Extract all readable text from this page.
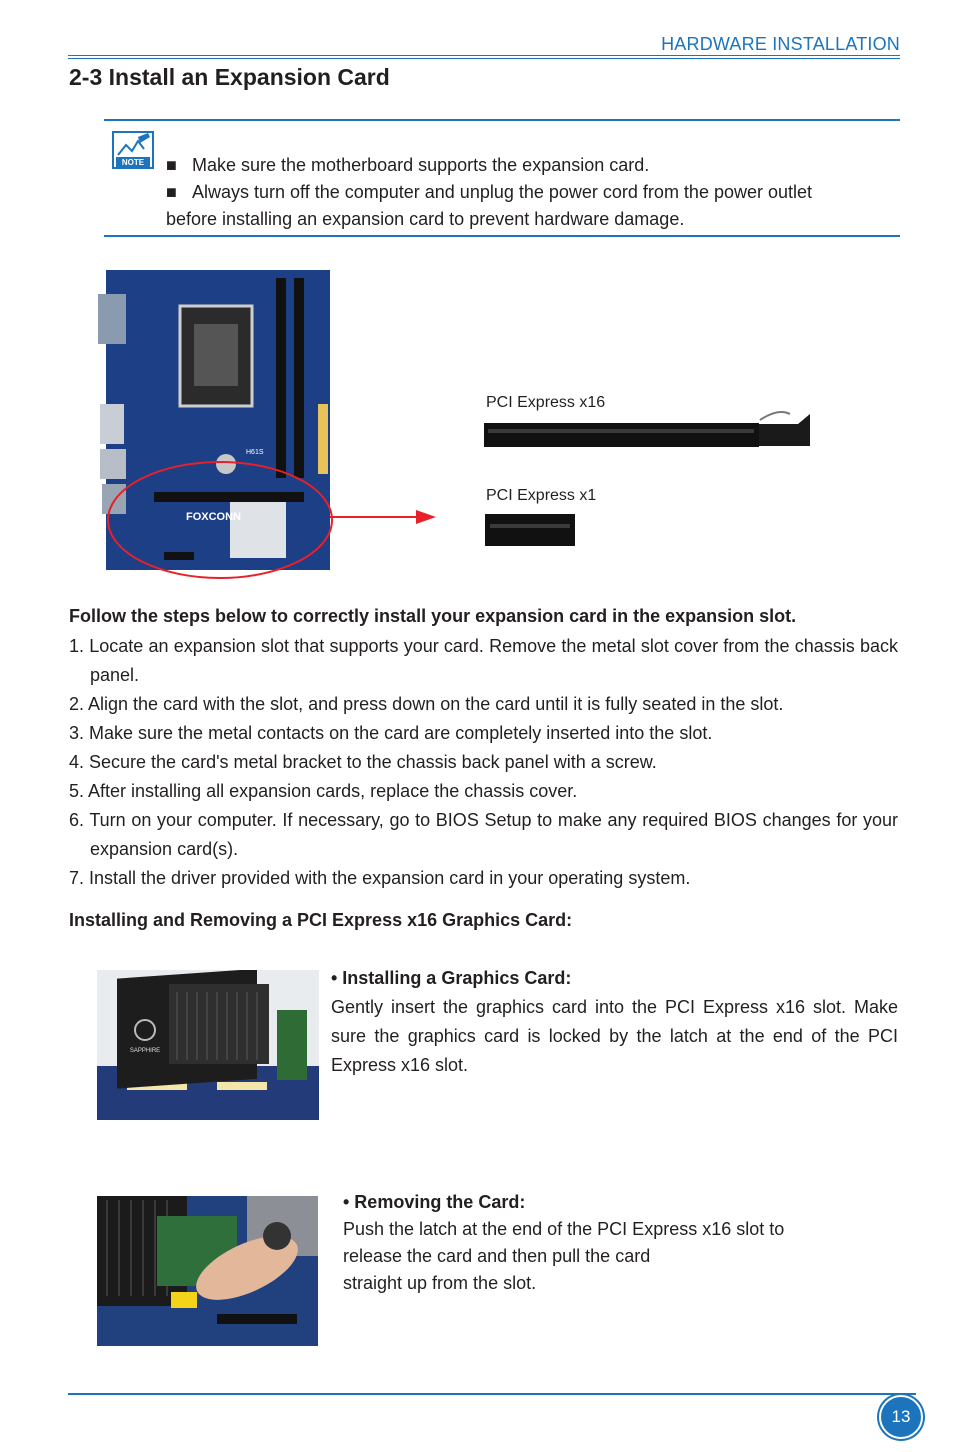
HARDWARE INSTALLATION
2-3 Install an Expansion Card
NOTE ■ Make sure the motherboard supports the expansion card.
■ Always turn off the computer and unplug the power cord from the power outlet
before installing an expansion card to prevent hardware damage.
FOXCONN
H61S
PCI Express x16
PCI Express x1
Follow the steps below to correctly install your expansion card in the expansion slot.
1. Locate an expansion slot that supports your card. Remove the metal slot cover from the chassis back panel.
2. Align the card with the slot, and press down on the card until it is fully seated in the slot.
3. Make sure the metal contacts on the card are completely inserted into the slot.
4. Secure the card's metal bracket to the chassis back panel with a screw.
5. After installing all expansion cards, replace the chassis cover.
6. Turn on your computer. If necessary, go to BIOS Setup to make any required BIOS changes for your expansion card(s).
7. Install the driver provided with the expansion card in your operating system.
Installing and Removing a PCI Express x16 Graphics Card:
SAPPHIRE
• Installing a Graphics Card:
Gently insert the graphics card into the PCI Express x16 slot. Make sure the graphics card is locked by the latch at the end of the PCI Express x16 slot.
• Removing the Card:
Push the latch at the end of the PCI Express x16 slot to
release the card and then pull the card
straight up from the slot.
13
